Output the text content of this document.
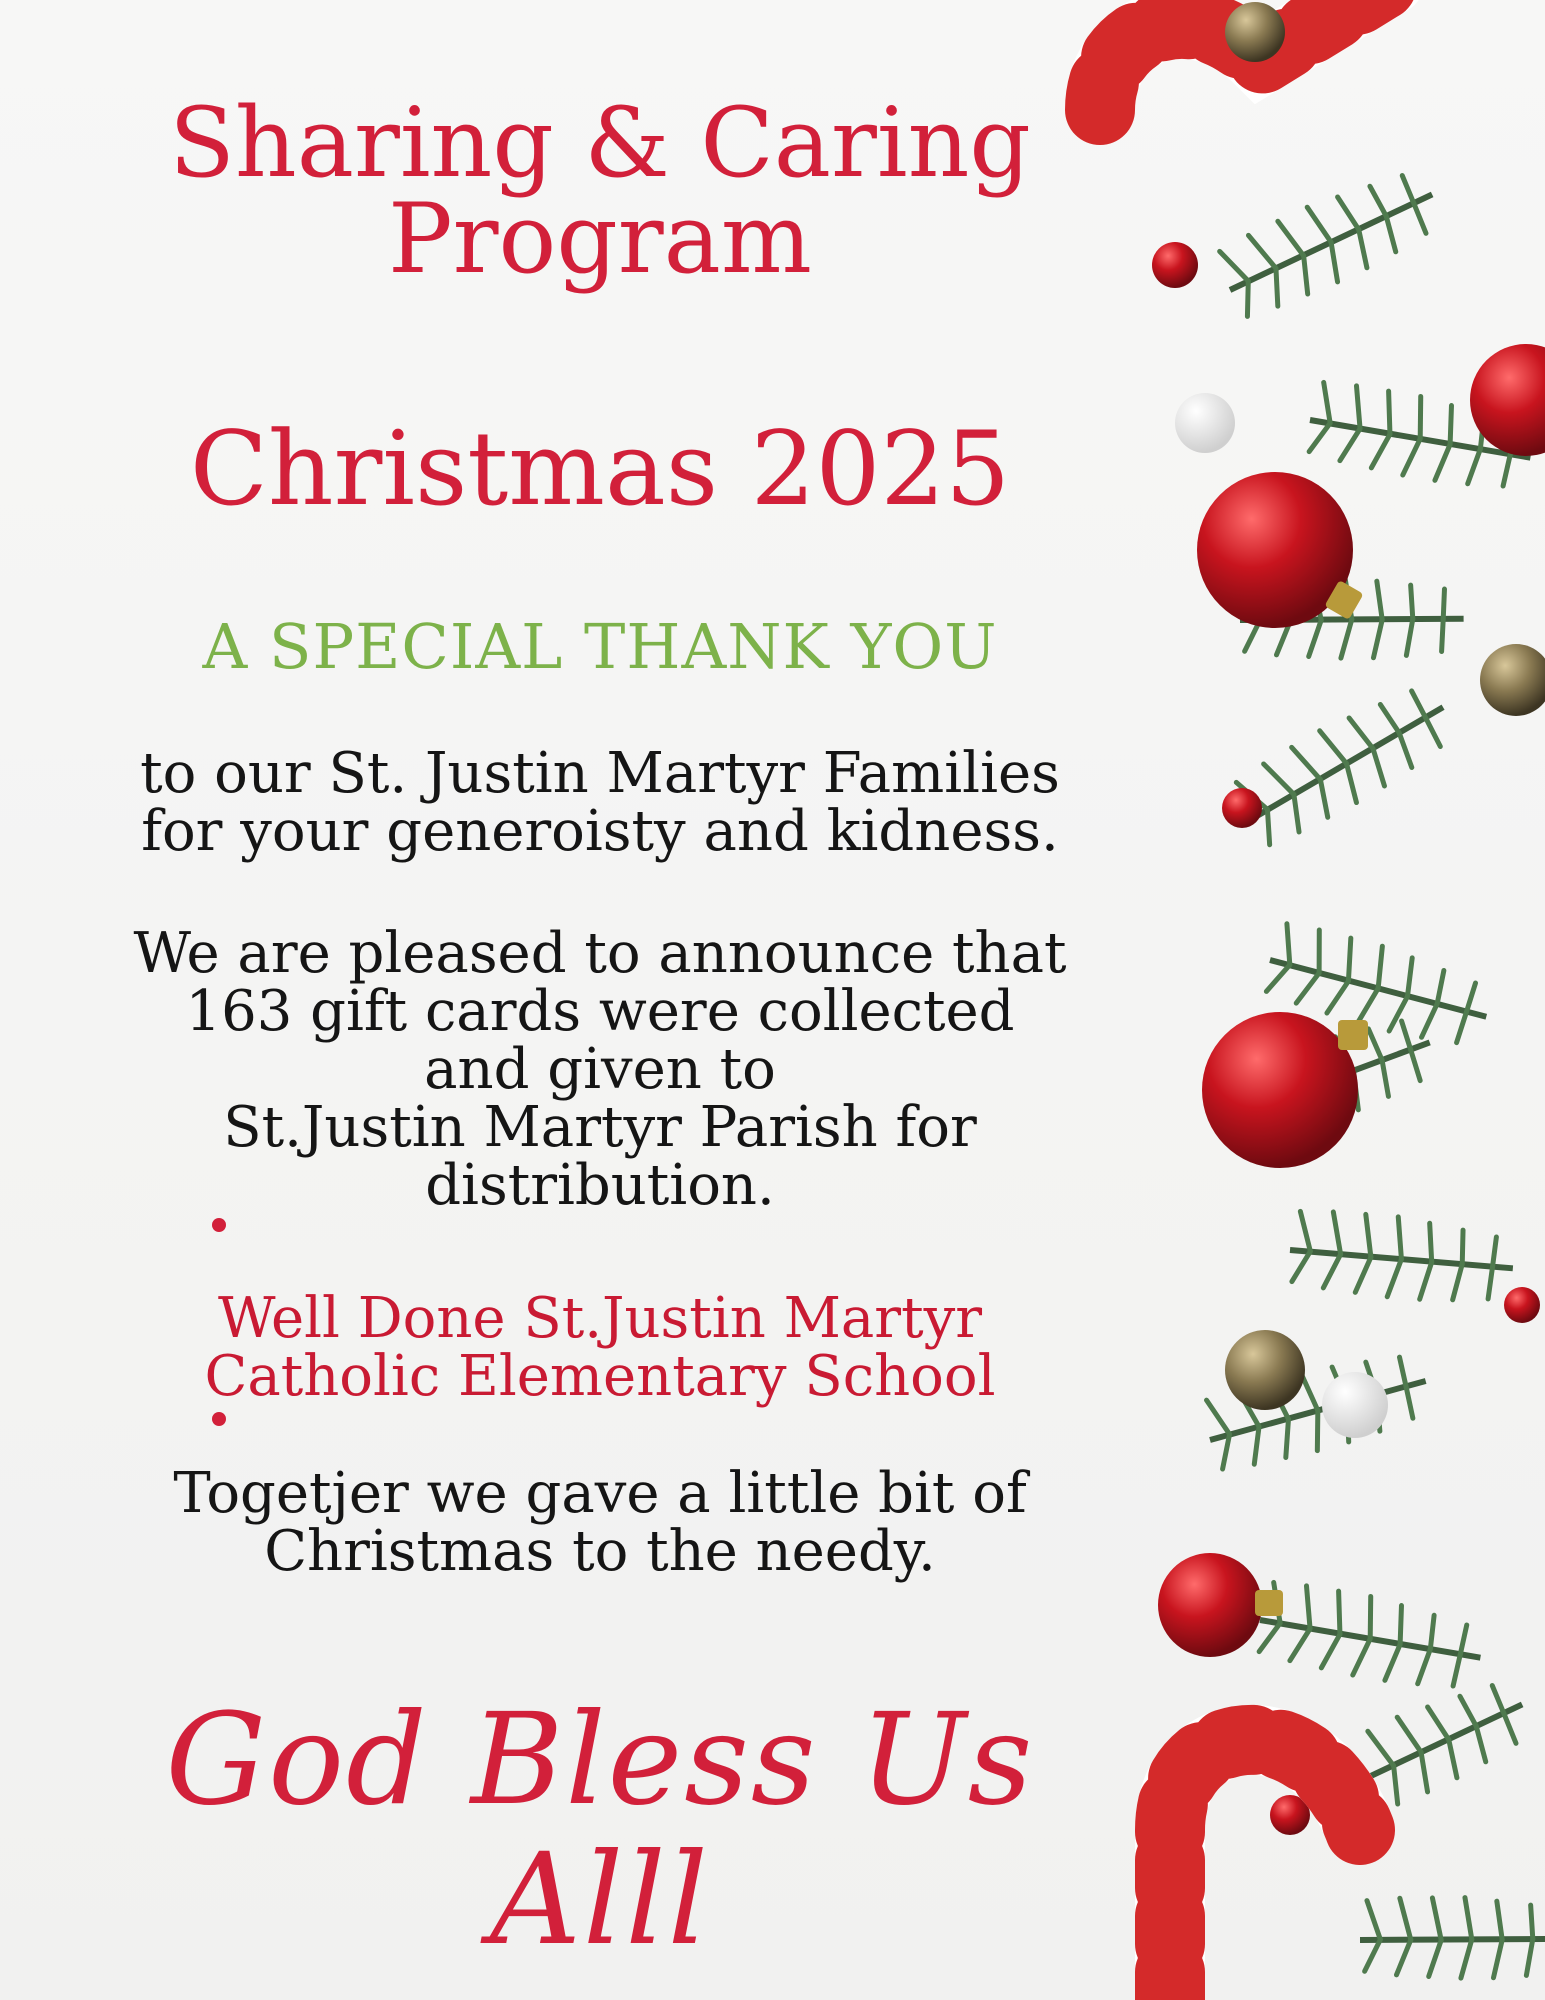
Sharing & Caring
Program
Christmas 2025
A SPECIAL THANK YOU
to our St. Justin Martyr Families
for your generoisty and kidness.
We are pleased to announce that
163 gift cards were collected
and given to
St.Justin Martyr Parish for
distribution.
Well Done St.Justin Martyr
Catholic Elementary School
Togetjer we gave a little bit of
Christmas to the needy.
God Bless Us Alll
